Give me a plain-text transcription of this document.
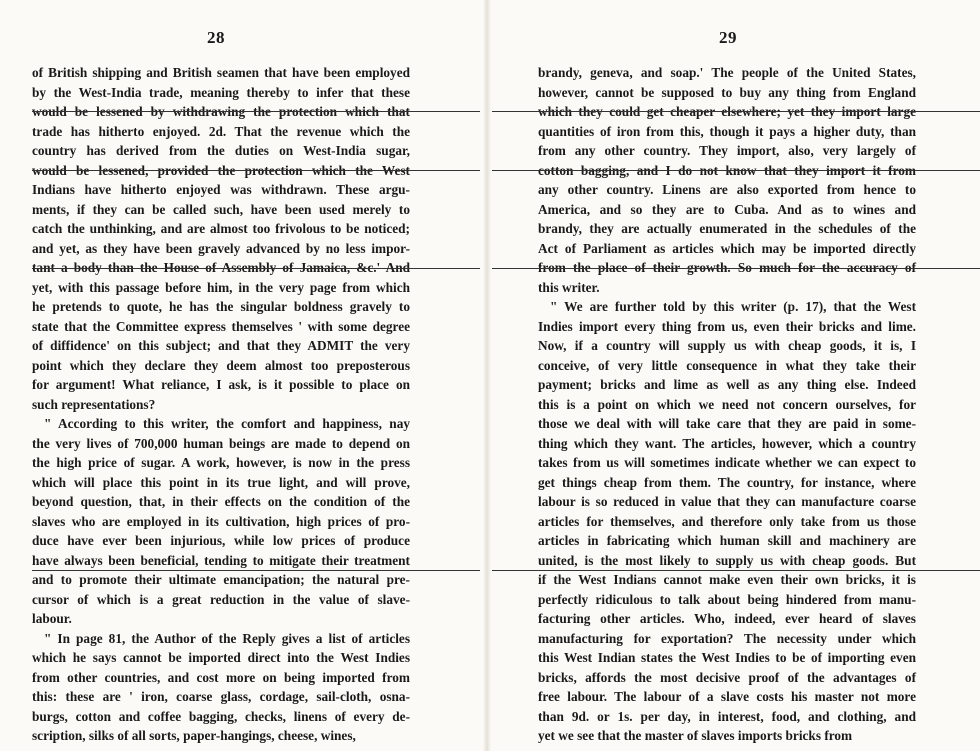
28
of British shipping and British seamen that have been employed
by the West-India trade, meaning thereby to infer that these
would be lessened by withdrawing the protection which that
trade has hitherto enjoyed. 2d. That the revenue which the
country has derived from the duties on West-India sugar,
would be lessened, provided the protection which the West
Indians have hitherto enjoyed was withdrawn. These argu-
ments, if they can be called such, have been used merely to
catch the unthinking, and are almost too frivolous to be noticed;
and yet, as they have been gravely advanced by no less impor-
tant a body than the House of Assembly of Jamaica, &c.' And
yet, with this passage before him, in the very page from which
he pretends to quote, he has the singular boldness gravely to
state that the Committee express themselves ' with some degree
of diffidence' on this subject; and that they ADMIT the very
point which they declare they deem almost too preposterous
for argument! What reliance, I ask, is it possible to place on
such representations?
" According to this writer, the comfort and happiness, nay
the very lives of 700,000 human beings are made to depend on
the high price of sugar. A work, however, is now in the press
which will place this point in its true light, and will prove,
beyond question, that, in their effects on the condition of the
slaves who are employed in its cultivation, high prices of pro-
duce have ever been injurious, while low prices of produce
have always been beneficial, tending to mitigate their treatment
and to promote their ultimate emancipation; the natural pre-
cursor of which is a great reduction in the value of slave-
labour.
" In page 81, the Author of the Reply gives a list of articles
which he says cannot be imported direct into the West Indies
from other countries, and cost more on being imported from
this: these are ' iron, coarse glass, cordage, sail-cloth, osna-
burgs, cotton and coffee bagging, checks, linens of every de-
scription, silks of all sorts, paper-hangings, cheese, wines,
29
brandy, geneva, and soap.' The people of the United States,
however, cannot be supposed to buy any thing from England
which they could get cheaper elsewhere; yet they import large
quantities of iron from this, though it pays a higher duty, than
from any other country. They import, also, very largely of
cotton bagging, and I do not know that they import it from
any other country. Linens are also exported from hence to
America, and so they are to Cuba. And as to wines and
brandy, they are actually enumerated in the schedules of the
Act of Parliament as articles which may be imported directly
from the place of their growth. So much for the accuracy of
this writer.
" We are further told by this writer (p. 17), that the West
Indies import every thing from us, even their bricks and lime.
Now, if a country will supply us with cheap goods, it is, I
conceive, of very little consequence in what they take their
payment; bricks and lime as well as any thing else. Indeed
this is a point on which we need not concern ourselves, for
those we deal with will take care that they are paid in some-
thing which they want. The articles, however, which a country
takes from us will sometimes indicate whether we can expect to
get things cheap from them. The country, for instance, where
labour is so reduced in value that they can manufacture coarse
articles for themselves, and therefore only take from us those
articles in fabricating which human skill and machinery are
united, is the most likely to supply us with cheap goods. But
if the West Indians cannot make even their own bricks, it is
perfectly ridiculous to talk about being hindered from manu-
facturing other articles. Who, indeed, ever heard of slaves
manufacturing for exportation? The necessity under which
this West Indian states the West Indies to be of importing even
bricks, affords the most decisive proof of the advantages of
free labour. The labour of a slave costs his master not more
than 9d. or 1s. per day, in interest, food, and clothing, and
yet we see that the master of slaves imports bricks from
